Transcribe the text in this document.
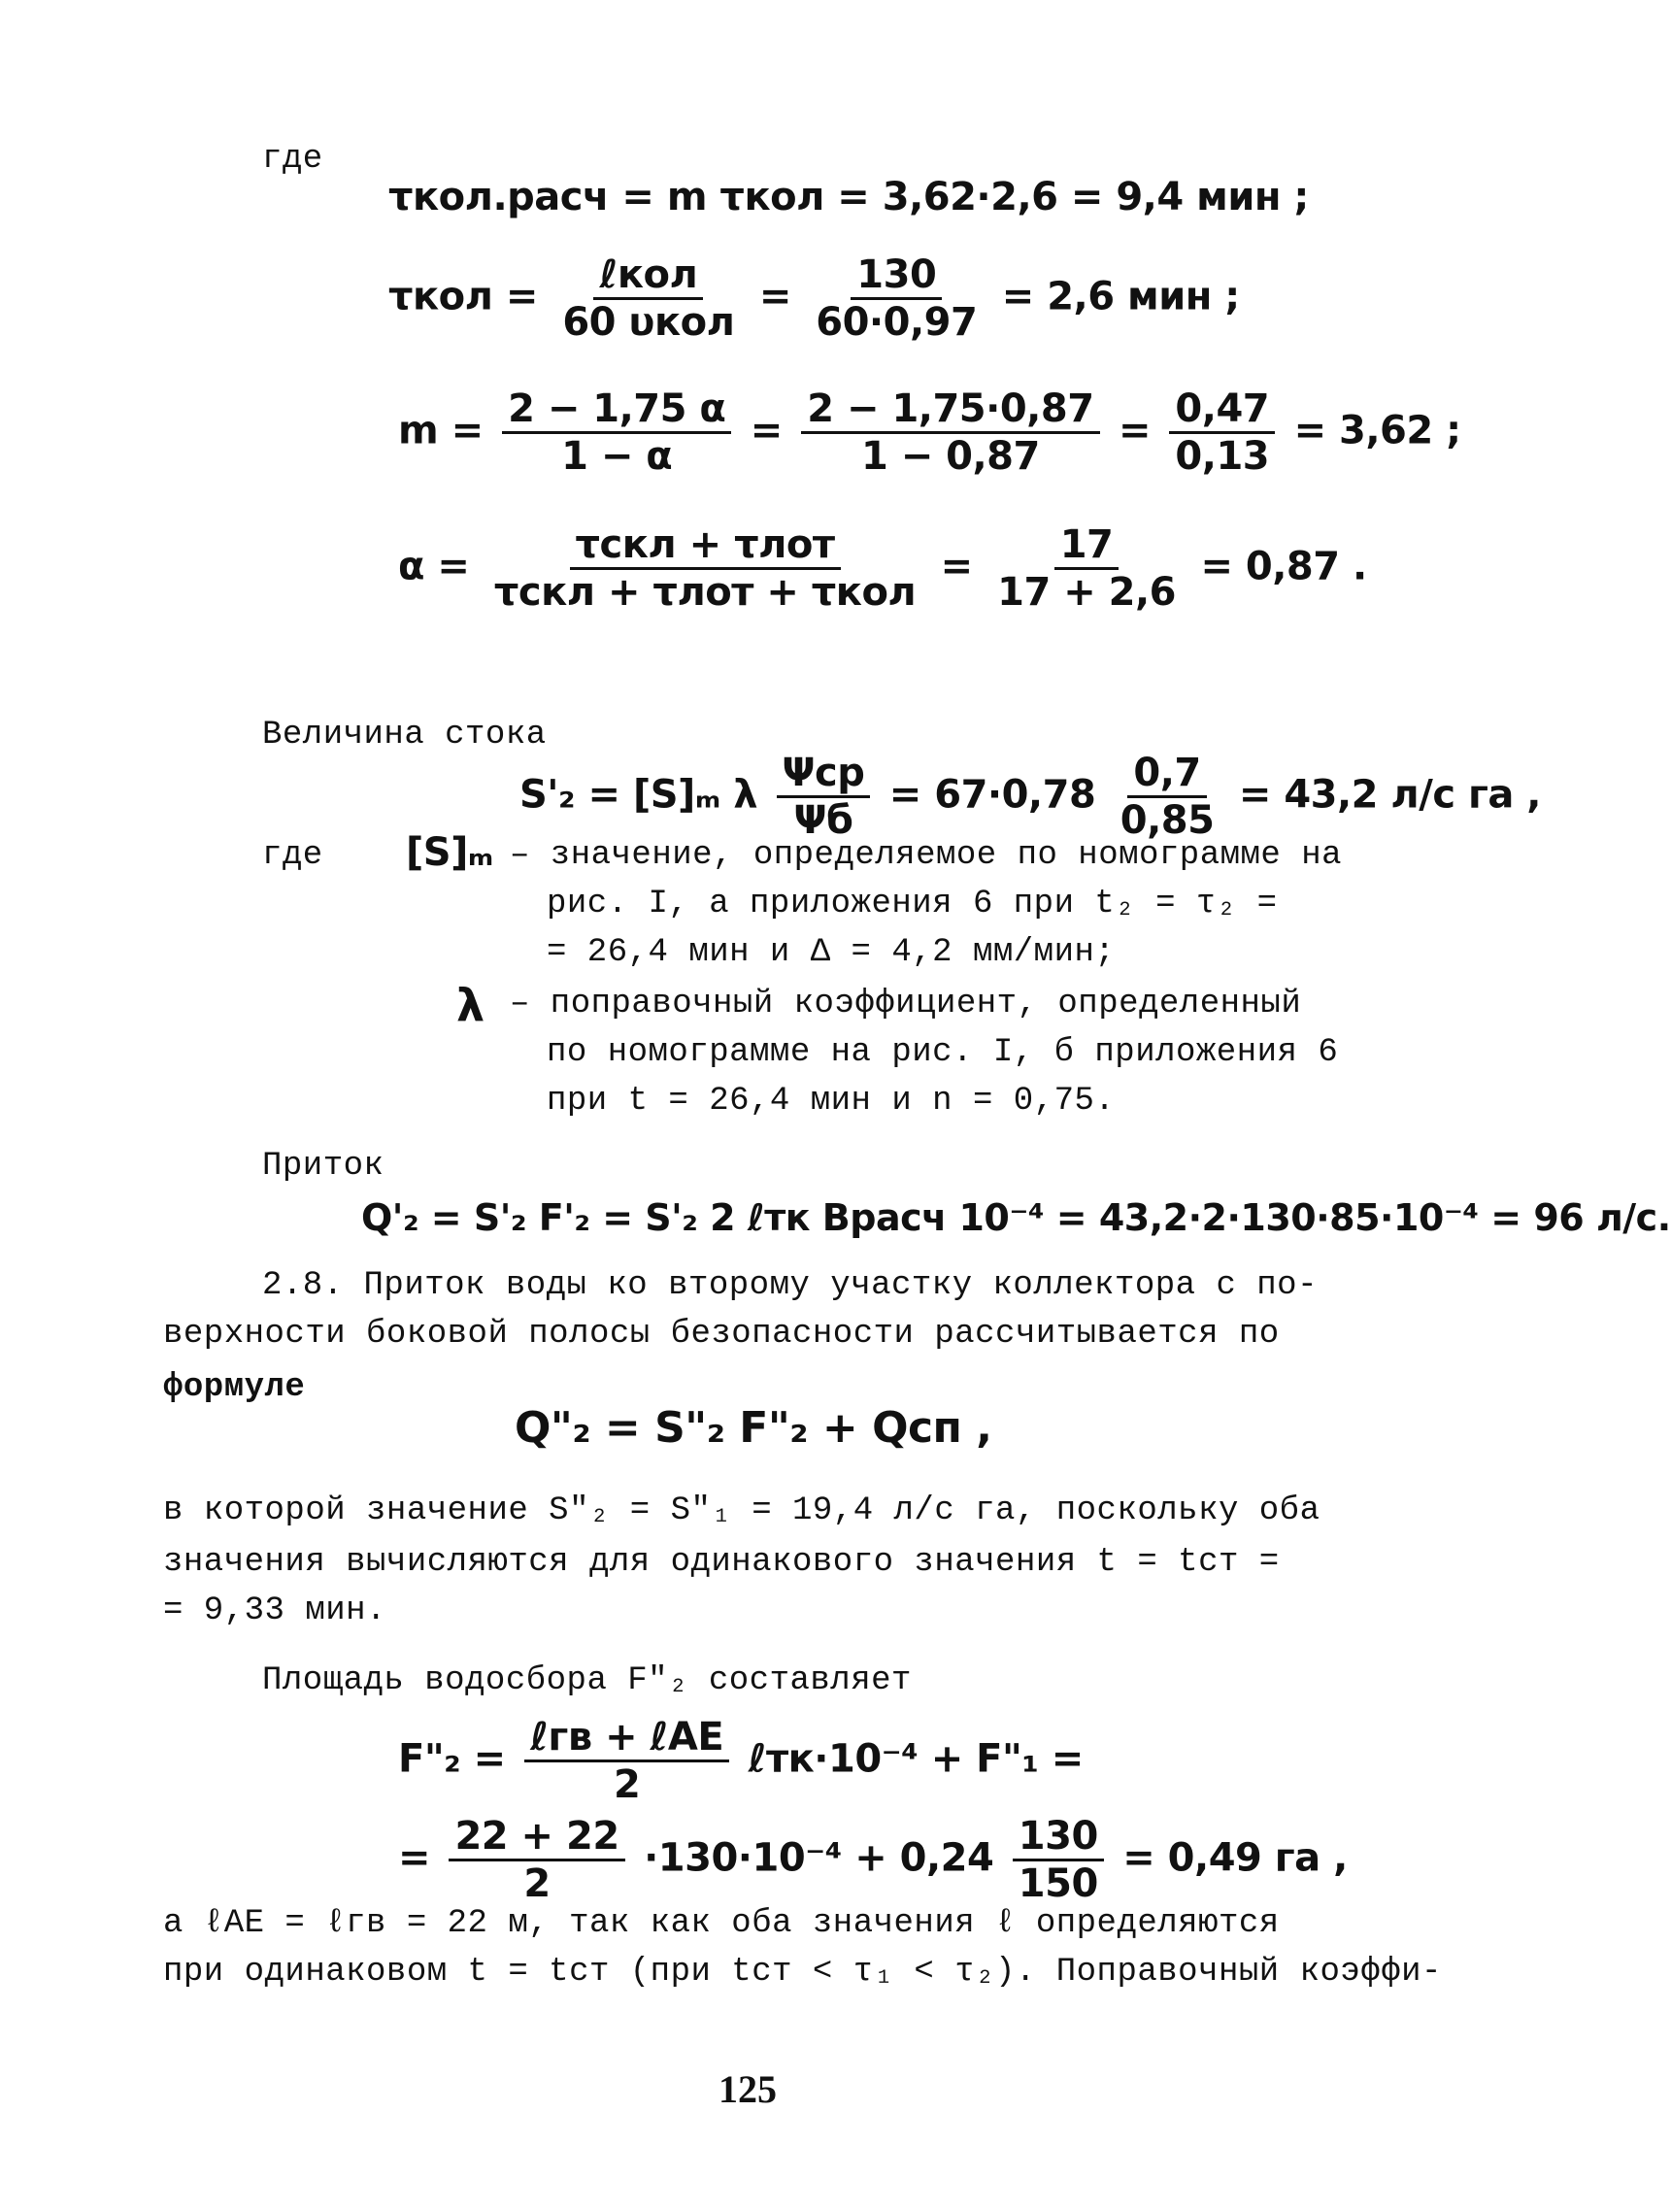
где
τкол.расч = m τкол = 3,62·2,6 = 9,4 мин ;
$\tau кол = \frac{\text{ℓкол}}{\text{60 υкол}} = \frac{130}{60\cdot 0,97} = 2,6$ мин ;
$m = \frac{2 - 1,75 \alpha}{1 - \alpha} = \frac{2 - 1,75\cdot 0,87}{1 - 0,87} = \frac{0,47}{0,13} = 3,62$ ;
$\alpha = \frac{\text{τскл + τлот}}{\text{τскл + τлот + τкол}} = \frac{17}{17 + 2,6} = 0,87$ .
Величина стока
S'₂ = [S]ₘ λ $\frac{\text{Ψср}}{\Psi б} = 67\cdot 0,78 \frac{0,7}{0,85} = 43,2$ л/с га ,
где [S]ₘ – значение, определяемое по номограмме на
рис. I, а приложения 6 при t₂ = τ₂ =
= 26,4 мин и Δ = 4,2 мм/мин;
λ – поправочный коэффициент, определенный
по номограмме на рис. I, б приложения 6
при t = 26,4 мин и n = 0,75.
Приток
Q'₂ = S'₂ F'₂ = S'₂ 2 ℓтк Bрасч 10⁻⁴ = 43,2·2·130·85·10⁻⁴ = 96 л/с.
2.8. Приток воды ко второму участку коллектора с по-
верхности боковой полосы безопасности рассчитывается по
формуле
Q"₂ = S"₂ F"₂ + Qсп ,
в которой значение S"₂ = S"₁ = 19,4 л/с га, поскольку оба
значения вычисляются для одинакового значения t = tст =
= 9,33 мин.
Площадь водосбора F"₂ составляет
F"₂ = $\frac{\text{ℓгв + ℓАЕ}}{2}$ ℓтк·10⁻⁴ + F"₁ =
= $\frac{22 + 22}{2} \cdot 130\cdot 10^{-4} + 0,24 \frac{130}{150} = 0,49$ га ,
а ℓАЕ = ℓгв = 22 м, так как оба значения ℓ определяются
при одинаковом t = tст (при tст < τ₁ < τ₂). Поправочный коэффи-
125
